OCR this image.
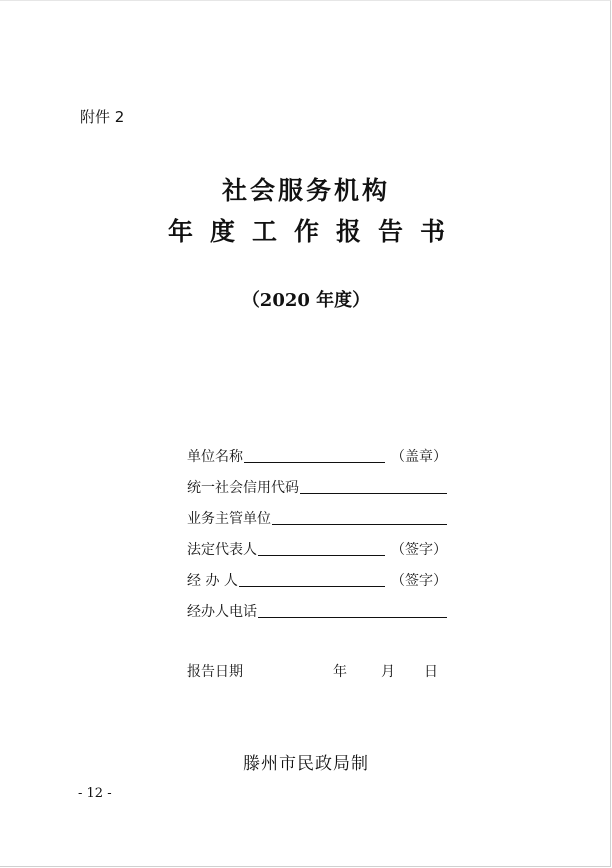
附件 2
社会服务机构
年度工作报告书
（2020 年度）
单位名称	（盖章）
统一社会信用代码
业务主管单位
法定代表人	（签字）
经 办 人	（签字）
经办人电话
报告日期	年 月 日
滕州市民政局制
- 12 -
